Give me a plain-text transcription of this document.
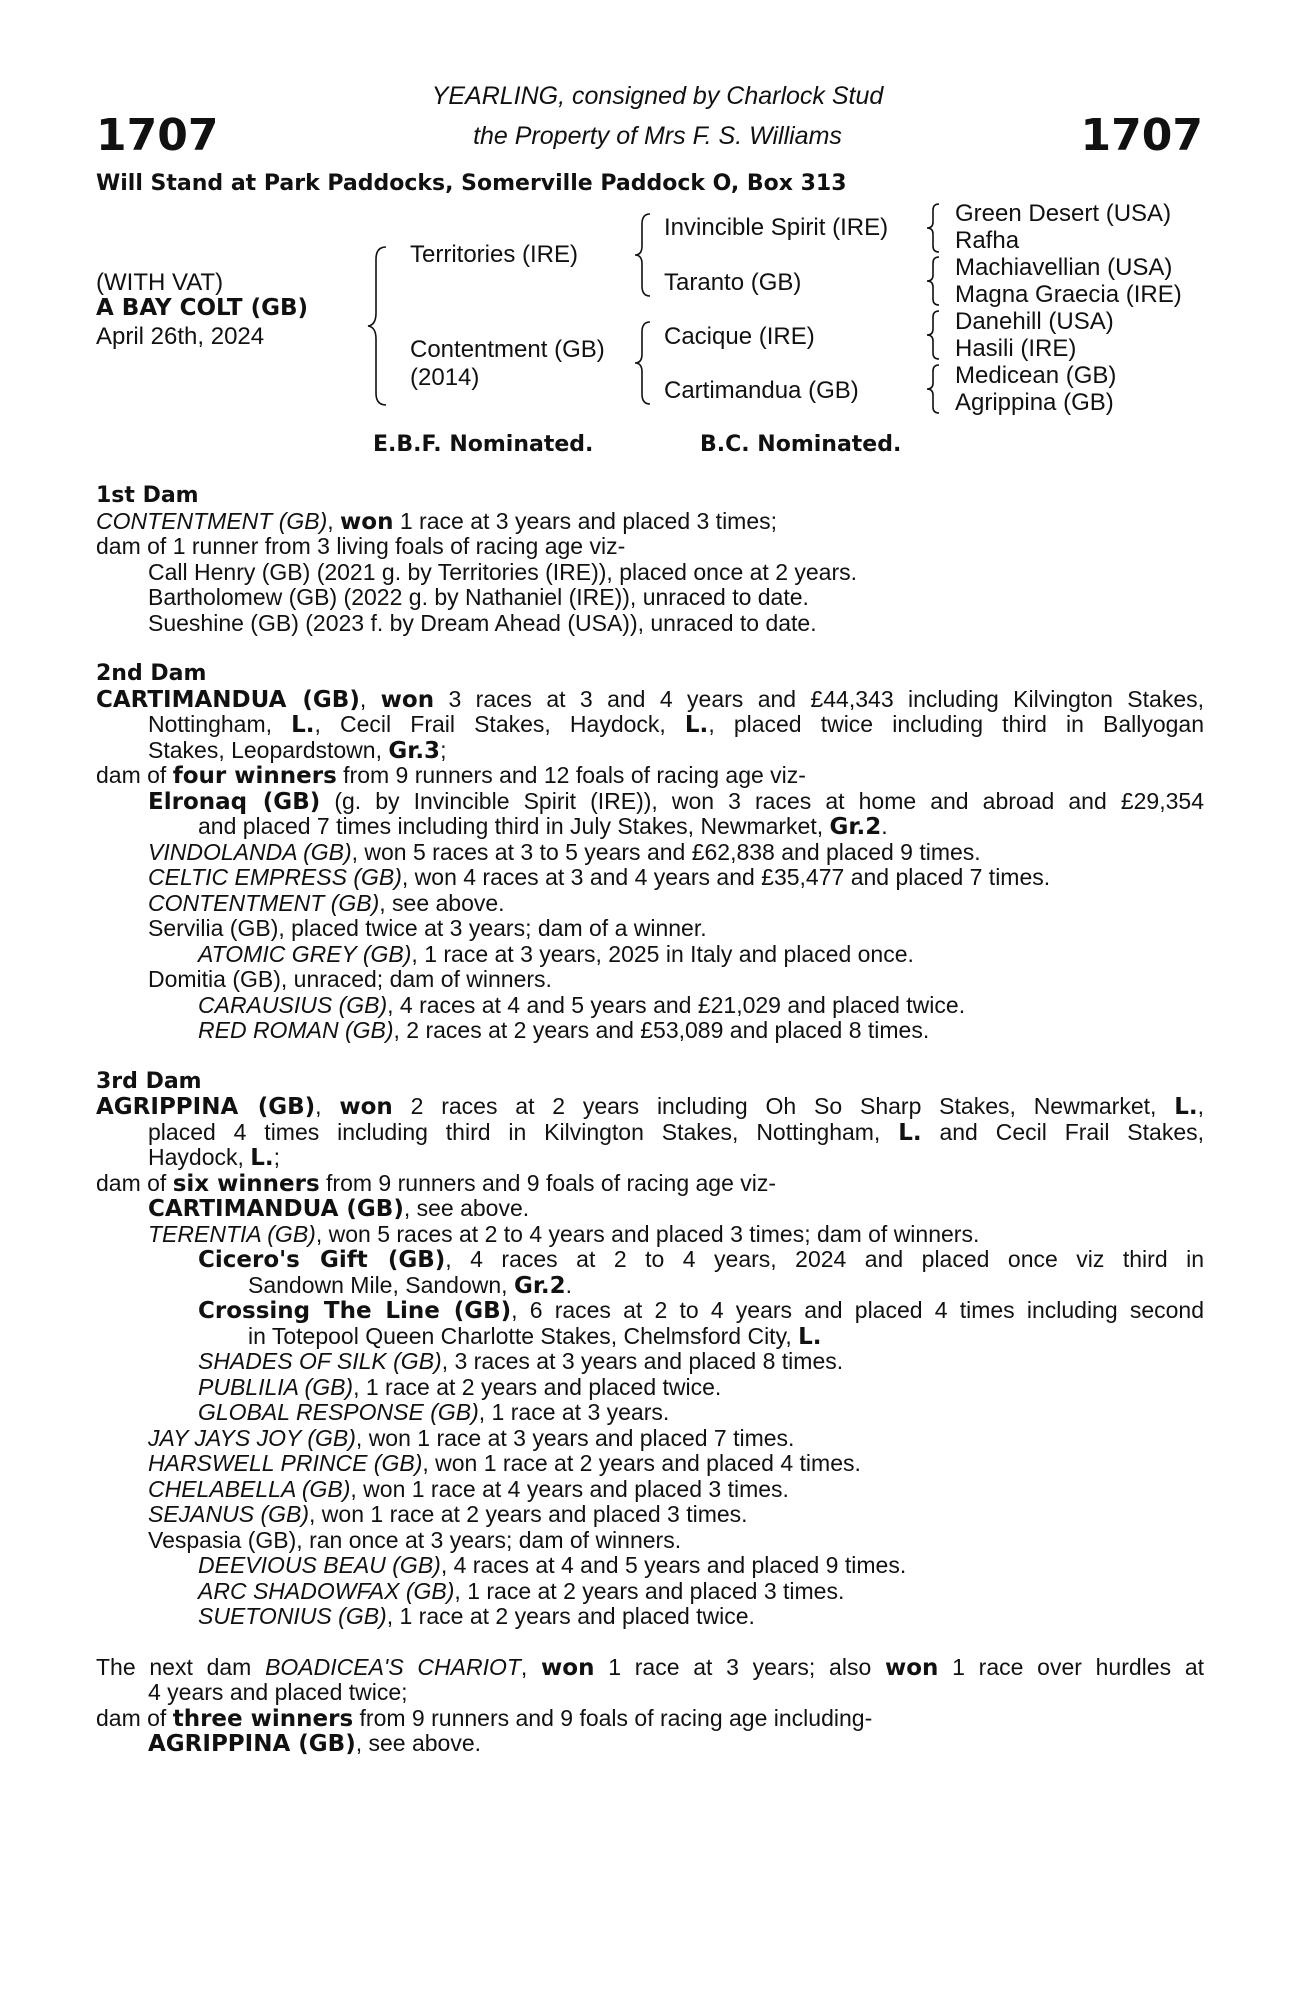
1707	1707
YEARLING, consigned by Charlock Stud
the Property of Mrs F. S. Williams
Will Stand at Park Paddocks, Somerville Paddock O, Box 313
(WITH VAT)
A BAY COLT (GB)
April 26th, 2024
Territories (IRE)
Contentment (GB)
(2014)
Invincible Spirit (IRE)
Taranto (GB)
Cacique (IRE)
Cartimandua (GB)
Green Desert (USA)
Rafha
Machiavellian (USA)
Magna Graecia (IRE)
Danehill (USA)
Hasili (IRE)
Medicean (GB)
Agrippina (GB)
E.B.F. Nominated.	B.C. Nominated.
1st Dam
CONTENTMENT (GB), won 1 race at 3 years and placed 3 times;
dam of 1 runner from 3 living foals of racing age viz-
Call Henry (GB) (2021 g. by Territories (IRE)), placed once at 2 years.
Bartholomew (GB) (2022 g. by Nathaniel (IRE)), unraced to date.
Sueshine (GB) (2023 f. by Dream Ahead (USA)), unraced to date.
2nd Dam
CARTIMANDUA (GB), won 3 races at 3 and 4 years and £44,343 including Kilvington Stakes,
Nottingham, L., Cecil Frail Stakes, Haydock, L., placed twice including third in Ballyogan
Stakes, Leopardstown, Gr.3;
dam of four winners from 9 runners and 12 foals of racing age viz-
Elronaq (GB) (g. by Invincible Spirit (IRE)), won 3 races at home and abroad and £29,354
and placed 7 times including third in July Stakes, Newmarket, Gr.2.
VINDOLANDA (GB), won 5 races at 3 to 5 years and £62,838 and placed 9 times.
CELTIC EMPRESS (GB), won 4 races at 3 and 4 years and £35,477 and placed 7 times.
CONTENTMENT (GB), see above.
Servilia (GB), placed twice at 3 years; dam of a winner.
ATOMIC GREY (GB), 1 race at 3 years, 2025 in Italy and placed once.
Domitia (GB), unraced; dam of winners.
CARAUSIUS (GB), 4 races at 4 and 5 years and £21,029 and placed twice.
RED ROMAN (GB), 2 races at 2 years and £53,089 and placed 8 times.
3rd Dam
AGRIPPINA (GB), won 2 races at 2 years including Oh So Sharp Stakes, Newmarket, L.,
placed 4 times including third in Kilvington Stakes, Nottingham, L. and Cecil Frail Stakes,
Haydock, L.;
dam of six winners from 9 runners and 9 foals of racing age viz-
CARTIMANDUA (GB), see above.
TERENTIA (GB), won 5 races at 2 to 4 years and placed 3 times; dam of winners.
Cicero's Gift (GB), 4 races at 2 to 4 years, 2024 and placed once viz third in
Sandown Mile, Sandown, Gr.2.
Crossing The Line (GB), 6 races at 2 to 4 years and placed 4 times including second
in Totepool Queen Charlotte Stakes, Chelmsford City, L.
SHADES OF SILK (GB), 3 races at 3 years and placed 8 times.
PUBLILIA (GB), 1 race at 2 years and placed twice.
GLOBAL RESPONSE (GB), 1 race at 3 years.
JAY JAYS JOY (GB), won 1 race at 3 years and placed 7 times.
HARSWELL PRINCE (GB), won 1 race at 2 years and placed 4 times.
CHELABELLA (GB), won 1 race at 4 years and placed 3 times.
SEJANUS (GB), won 1 race at 2 years and placed 3 times.
Vespasia (GB), ran once at 3 years; dam of winners.
DEEVIOUS BEAU (GB), 4 races at 4 and 5 years and placed 9 times.
ARC SHADOWFAX (GB), 1 race at 2 years and placed 3 times.
SUETONIUS (GB), 1 race at 2 years and placed twice.
The next dam BOADICEA'S CHARIOT, won 1 race at 3 years; also won 1 race over hurdles at
4 years and placed twice;
dam of three winners from 9 runners and 9 foals of racing age including-
AGRIPPINA (GB), see above.
